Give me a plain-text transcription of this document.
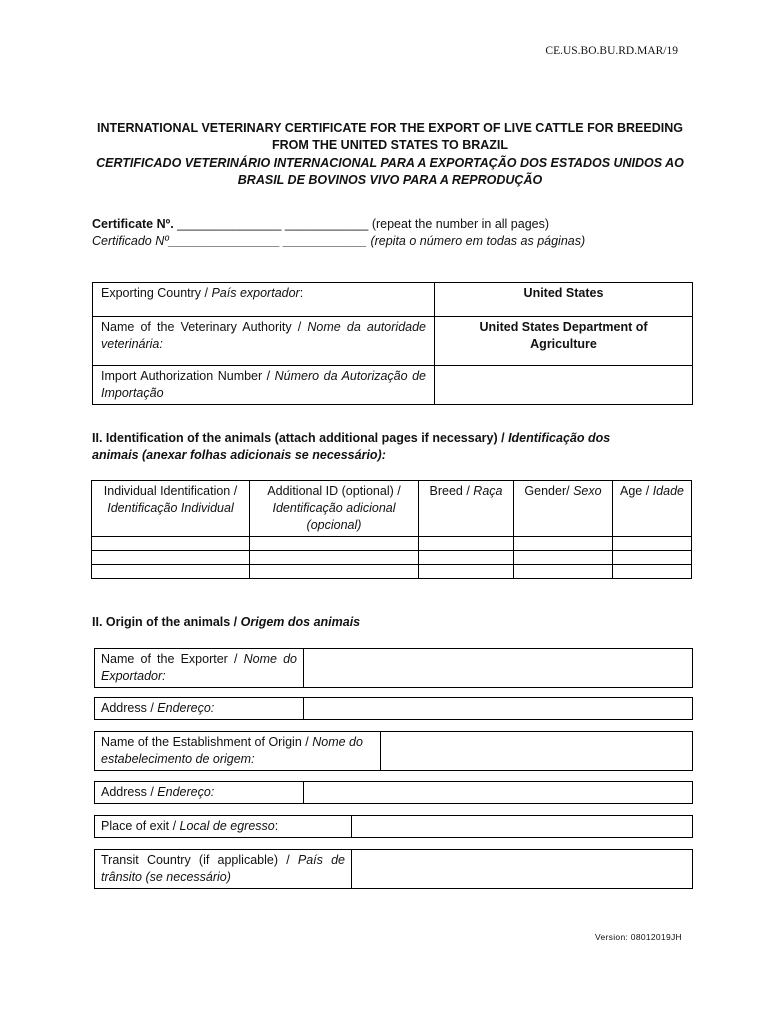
CE.US.BO.BU.RD.MAR/19
INTERNATIONAL VETERINARY CERTIFICATE FOR THE EXPORT OF LIVE CATTLE FOR BREEDING FROM THE UNITED STATES TO BRAZIL
CERTIFICADO VETERINÁRIO INTERNACIONAL PARA A EXPORTAÇÃO DOS ESTADOS UNIDOS AO BRASIL DE BOVINOS VIVO PARA A REPRODUÇÃO
Certificate Nº. _______________ ____________ (repeat the number in all pages)
Certificado Nº________________ ____________ (repita o número em todas as páginas)
Exporting Country / País exportador:	United States
Name of the Veterinary Authority / Nome da autoridade veterinária:	United States Department of Agriculture
Import Authorization Number / Número da Autorização de Importação	
II. Identification of the animals (attach additional pages if necessary) / Identificação dos animais (anexar folhas adicionais se necessário):
Individual Identification / Identificação Individual	Additional ID (optional) / Identificação adicional (opcional)	Breed / Raça	Gender/ Sexo	Age / Idade

II. Origin of the animals / Origem dos animais
Name of the Exporter / Nome do Exportador:	
Address / Endereço:	
Name of the Establishment of Origin / Nome do estabelecimento de origem:	
Address / Endereço:	
Place of exit / Local de egresso:	
Transit Country (if applicable) / País de trânsito (se necessário)	
Version: 08012019JH
